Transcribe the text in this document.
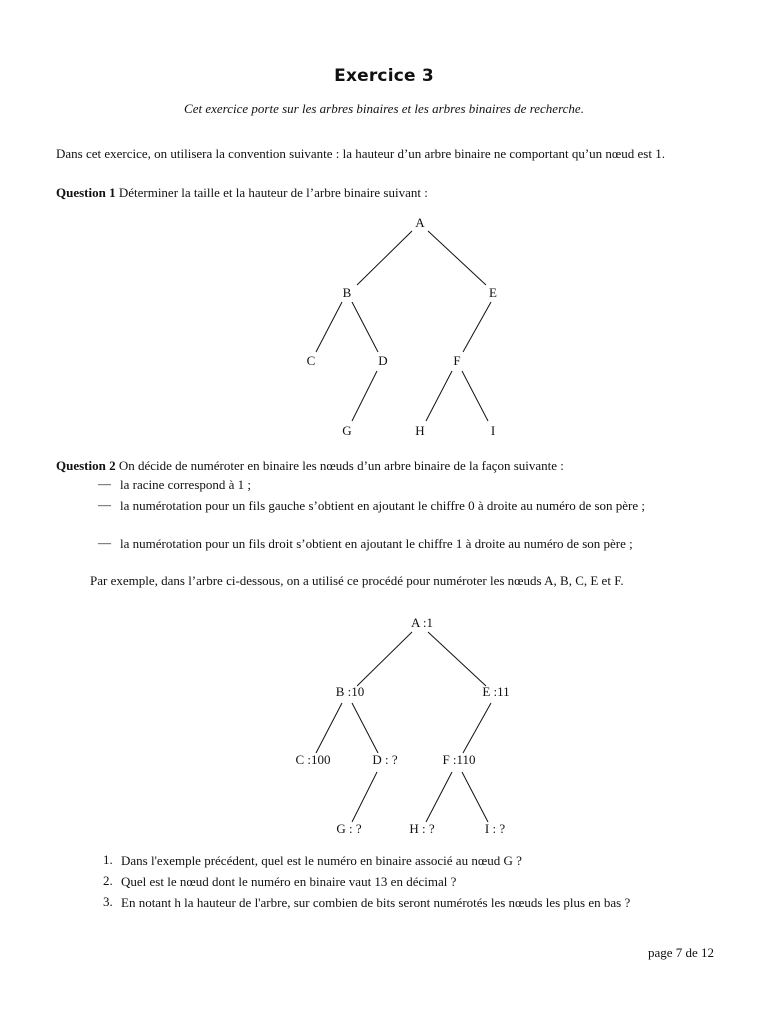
Exercice 3
Cet exercice porte sur les arbres binaires et les arbres binaires de recherche.
Dans cet exercice, on utilisera la convention suivante : la hauteur d’un arbre binaire ne comportant qu’un nœud est 1.
Question 1 Déterminer la taille et la hauteur de l’arbre binaire suivant :
A
B	E
C	D	F
G	H	I
Question 2 On décide de numéroter en binaire les nœuds d’un arbre binaire de la façon suivante :
— la racine correspond à 1 ;
— la numérotation pour un fils gauche s’obtient en ajoutant le chiffre 0 à droite au numéro de son père ;
— la numérotation pour un fils droit s’obtient en ajoutant le chiffre 1 à droite au numéro de son père ;
Par exemple, dans l’arbre ci-dessous, on a utilisé ce procédé pour numéroter les nœuds A, B, C, E et F.
A :1
B :10	E :11
C :100	D : ?	F :110
G : ?	H : ?	I : ?
1. Dans l'exemple précédent, quel est le numéro en binaire associé au nœud G ?
2. Quel est le nœud dont le numéro en binaire vaut 13 en décimal ?
3. En notant h la hauteur de l'arbre, sur combien de bits seront numérotés les nœuds les plus en bas ?
page 7 de 12
